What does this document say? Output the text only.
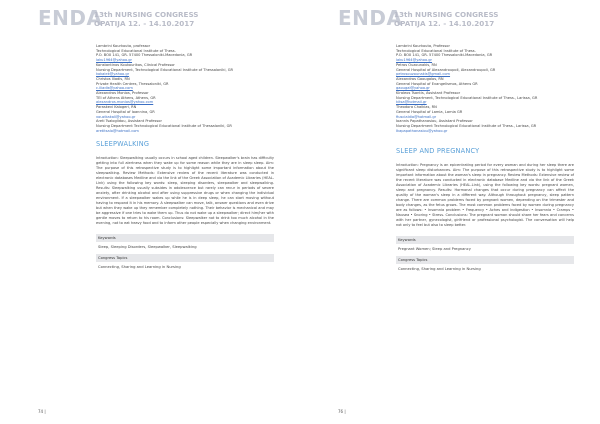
ENDA
13th NURSING CONGRESS
OPATIJA 12. - 14.10.2017
Lambrini Kourkouta, professor
Technological Educational Institute of Thess.
P.O. BOX 141, GR- 57400 Thessaloniki-Macedonia, GR
laku1964@yahoo.gr
Konstantinos Koukourikos, Clinical Professor
Nursing Department, Technological Educational Institute of Thessaloniki, GR
kokaiek@yahoo.gr
Christos Iliadis, RN
Private Health Centres, Thessaloniki, GR
c.iliadis@yahoo.com
Alexandros Monios, Professor
TEI of Athens Athens, Athens, GR
alexandros.monios@yahoo.com
Paraskevi Kalogeri, RN
General Hospital of Ioannina, GR
vouzikakali@yahoo.gr
Areti Tsaloglidou, Assistant Professor
Nursing Department Technological Educational Institute of Thessaloniki, GR
aretitsalo@hotmail.com
SLEEPWALKING
Introduction: Sleepwalking usually occurs in school aged children. Sleepwalker's brain has difficulty getting into full alertness when they wake up for some reason while they are in sleep sleep. Aim: The purpose of this retrospective study is to highlight some important information about the sleepwalking. Review Methods: Extensive review of the recent literature was conducted in electronic databases Medline and via the link of the Greek Association of Academic Libraries (HEAL-Link) using the following key words: sleep, sleeping disorders, sleepwalker and sleepwalking. Results: Sleepwalking usually subsides in adolescence but rarely can recur in periods of severe anxiety, after drinking alcohol and after using suppressive drugs or when changing the individual environment. If a sleepwalker wakes up while he is in deep sleep, he can start moving without having to respond it in his memory. A sleepwalker can move, talk, answer questions and even drive but when they wake up they remember completely nothing. Their behavior is mechanical and may be aggressive if one tries to wake them up. Thus do not wake up a sleepwalker; direct him/her with gentle moves to return to his room. Conclusions: Sleepwalker not to drink too much alcohol in the evening, not to eat heavy food and to inform other people especially when changing environment.
Keywords
Sleep, Sleeping Disorders, Sleepwalker, Sleepwalking
Congress Topics
Connecting, Sharing and Learning in Nursing
74 |
ENDA
13th NURSING CONGRESS
OPATIJA 12. - 14.10.2017
Lambrini Kourkouta, Professor
Technological Educational Institute of Thess.
P.O. BOX 141, GR- 57400 Thessaloniki-Macedonia, GR
laku1964@yahoo.gr
Petros Ouzounakis, RN
General Hospital of Alexandroupoli, Alexandroupoli, GR
petrosouzounakis@gmail.com
Alexandros Gaougalos, RN
General Hospital of Evangelismos, Athens GR
gaougal@yahoo.gr
Kiraleos Tsantis, Assistant Professor
Nursing Department, Technological Educational Institute of Thess., Larissa, GR
kitsa@hotmail.gr
Theodora Chalkias, RN
General Hospital of Lamia, Lamia GR
fiuscialdia@hotmail.gr
Ioannis Papathanasiou, Assistant Professor
Nursing Department Technological Educational Institute of Thess., Larissa, GR
Ikapapathanasiou@yahoo.gr
SLEEP AND PREGNANCY
Introduction: Pregnancy is an epicentrating period for every woman and during her sleep there are significant sleep disturbances. Aim: The purpose of this retrospective study is to highlight some important information about the woman's sleep in pregnancy. Review Methods: Extensive review of the recent literature was conducted in electronic database Medline and via the link of the Greek Association of Academic Libraries (HEAL-Link), using the following key words: pregnant women, sleep and pregnancy. Results: Hormonal changes that occur during pregnancy can affect the quality of the woman's sleep in a different way. Although throughout pregnancy, sleep pattern change. There are common problems faced by pregnant women, depending on the trimester and body changes, as the fetus grows. The most common problems faced by women during pregnancy are as follows: • Insomnia problem • Frequency • Aches and indigestion • Insomnia • Cramps • Nausea • Snoring • Stress. Conclusions: The pregnant woman should share her fears and concerns with her partner, gynecologist, girlfriend or professional psychologist. The conversation will help not only to feel but also to sleep better.
Keywords
Pregnant Women; Sleep and Pregnancy
Congress Topics
Connecting, Sharing and Learning in Nursing
76 |
